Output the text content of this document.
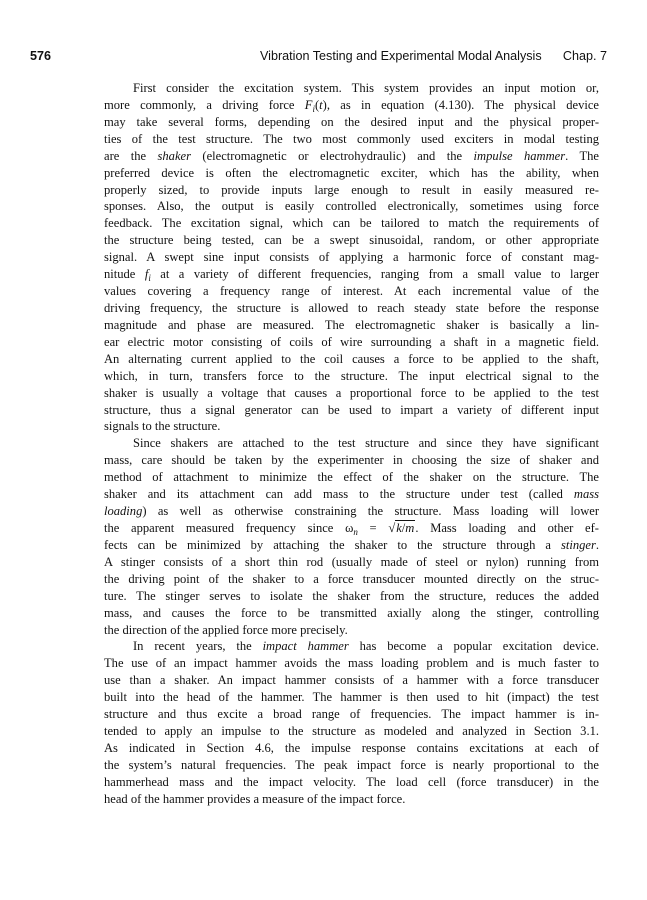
576	Vibration Testing and Experimental Modal Analysis Chap. 7
First consider the excitation system. This system provides an input motion or,
more commonly, a driving force $F_i(t)$, as in equation (4.130). The physical device
may take several forms, depending on the desired input and the physical proper-
ties of the test structure. The two most commonly used exciters in modal testing
are the shaker (electromagnetic or electrohydraulic) and the impulse hammer. The
preferred device is often the electromagnetic exciter, which has the ability, when
properly sized, to provide inputs large enough to result in easily measured re-
sponses. Also, the output is easily controlled electronically, sometimes using force
feedback. The excitation signal, which can be tailored to match the requirements of
the structure being tested, can be a swept sinusoidal, random, or other appropriate
signal. A swept sine input consists of applying a harmonic force of constant mag-
nitude $f_i$ at a variety of different frequencies, ranging from a small value to larger
values covering a frequency range of interest. At each incremental value of the
driving frequency, the structure is allowed to reach steady state before the response
magnitude and phase are measured. The electromagnetic shaker is basically a lin-
ear electric motor consisting of coils of wire surrounding a shaft in a magnetic field.
An alternating current applied to the coil causes a force to be applied to the shaft,
which, in turn, transfers force to the structure. The input electrical signal to the
shaker is usually a voltage that causes a proportional force to be applied to the test
structure, thus a signal generator can be used to impart a variety of different input
signals to the structure.
Since shakers are attached to the test structure and since they have significant
mass, care should be taken by the experimenter in choosing the size of shaker and
method of attachment to minimize the effect of the shaker on the structure. The
shaker and its attachment can add mass to the structure under test (called mass
loading) as well as otherwise constraining the structure. Mass loading will lower
the apparent measured frequency since $\omega_n = √k/m$. Mass loading and other ef-
fects can be minimized by attaching the shaker to the structure through a stinger.
A stinger consists of a short thin rod (usually made of steel or nylon) running from
the driving point of the shaker to a force transducer mounted directly on the struc-
ture. The stinger serves to isolate the shaker from the structure, reduces the added
mass, and causes the force to be transmitted axially along the stinger, controlling
the direction of the applied force more precisely.
In recent years, the impact hammer has become a popular excitation device.
The use of an impact hammer avoids the mass loading problem and is much faster to
use than a shaker. An impact hammer consists of a hammer with a force transducer
built into the head of the hammer. The hammer is then used to hit (impact) the test
structure and thus excite a broad range of frequencies. The impact hammer is in-
tended to apply an impulse to the structure as modeled and analyzed in Section 3.1.
As indicated in Section 4.6, the impulse response contains excitations at each of
the system’s natural frequencies. The peak impact force is nearly proportional to the
hammerhead mass and the impact velocity. The load cell (force transducer) in the
head of the hammer provides a measure of the impact force.
